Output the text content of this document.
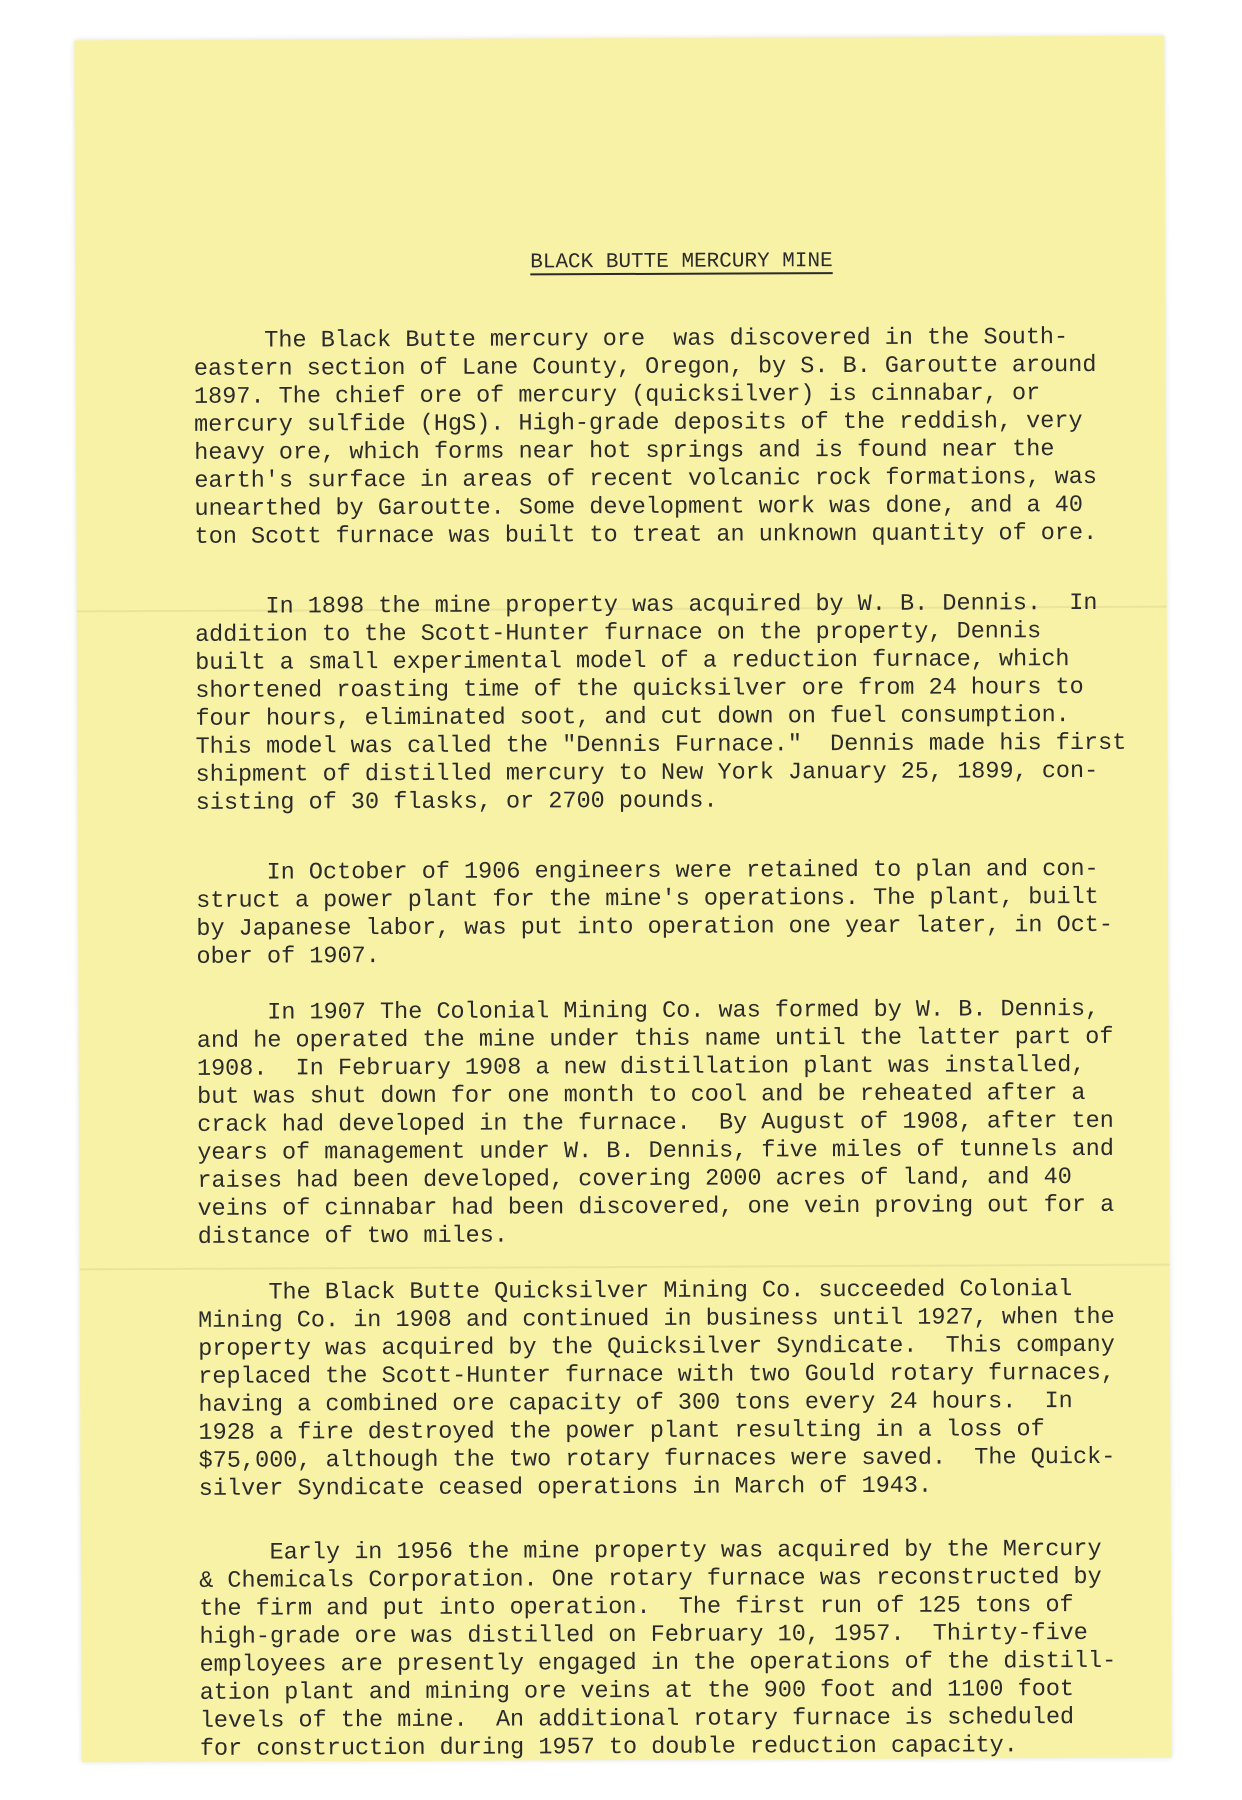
BLACK BUTTE MERCURY MINE
The Black Butte mercury ore  was discovered in the South-
eastern section of Lane County, Oregon, by S. B. Garoutte around
1897. The chief ore of mercury (quicksilver) is cinnabar, or
mercury sulfide (HgS). High-grade deposits of the reddish, very
heavy ore, which forms near hot springs and is found near the
earth's surface in areas of recent volcanic rock formations, was
unearthed by Garoutte. Some development work was done, and a 40
ton Scott furnace was built to treat an unknown quantity of ore.
In 1898 the mine property was acquired by W. B. Dennis.  In
addition to the Scott-Hunter furnace on the property, Dennis
built a small experimental model of a reduction furnace, which
shortened roasting time of the quicksilver ore from 24 hours to
four hours, eliminated soot, and cut down on fuel consumption.
This model was called the "Dennis Furnace."  Dennis made his first
shipment of distilled mercury to New York January 25, 1899, con-
sisting of 30 flasks, or 2700 pounds.
In October of 1906 engineers were retained to plan and con-
struct a power plant for the mine's operations. The plant, built
by Japanese labor, was put into operation one year later, in Oct-
ober of 1907.
In 1907 The Colonial Mining Co. was formed by W. B. Dennis,
and he operated the mine under this name until the latter part of
1908.  In February 1908 a new distillation plant was installed,
but was shut down for one month to cool and be reheated after a
crack had developed in the furnace.  By August of 1908, after ten
years of management under W. B. Dennis, five miles of tunnels and
raises had been developed, covering 2000 acres of land, and 40
veins of cinnabar had been discovered, one vein proving out for a
distance of two miles.
The Black Butte Quicksilver Mining Co. succeeded Colonial
Mining Co. in 1908 and continued in business until 1927, when the
property was acquired by the Quicksilver Syndicate.  This company
replaced the Scott-Hunter furnace with two Gould rotary furnaces,
having a combined ore capacity of 300 tons every 24 hours.  In
1928 a fire destroyed the power plant resulting in a loss of
$75,000, although the two rotary furnaces were saved.  The Quick-
silver Syndicate ceased operations in March of 1943.
Early in 1956 the mine property was acquired by the Mercury
& Chemicals Corporation. One rotary furnace was reconstructed by
the firm and put into operation.  The first run of 125 tons of
high-grade ore was distilled on February 10, 1957.  Thirty-five
employees are presently engaged in the operations of the distill-
ation plant and mining ore veins at the 900 foot and 1100 foot
levels of the mine.  An additional rotary furnace is scheduled
for construction during 1957 to double reduction capacity.
